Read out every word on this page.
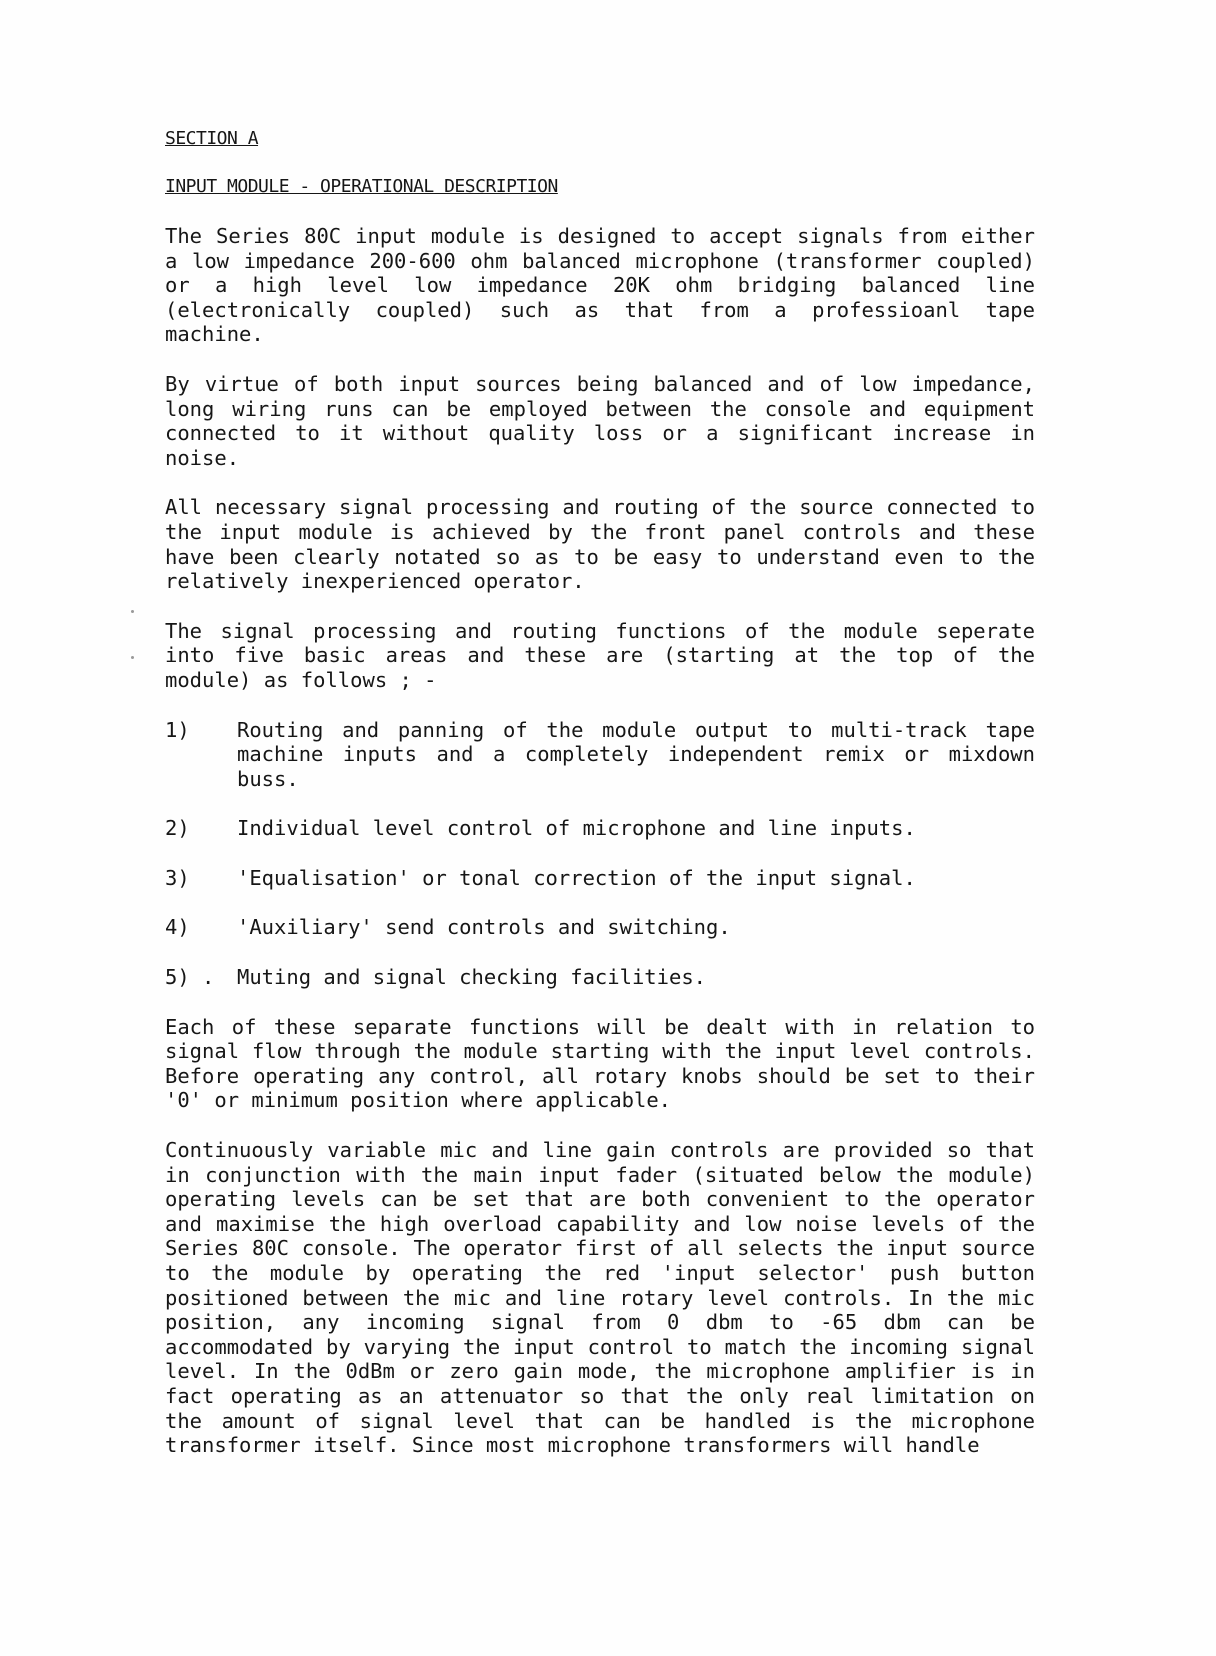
SECTION A
INPUT MODULE - OPERATIONAL DESCRIPTION

The Series 80C input module is designed to accept signals from either a low impedance 200-600 ohm balanced microphone (transformer coupled) or a high level low impedance 20K ohm bridging balanced line (electronically coupled) such as that from a professioanl tape machine.

By virtue of both input sources being balanced and of low impedance, long wiring runs can be employed between the console and equipment connected to it without quality loss or a significant increase in noise.

All necessary signal processing and routing of the source connected to the input module is achieved by the front panel controls and these have been clearly notated so as to be easy to understand even to the relatively inexperienced operator.

The signal processing and routing functions of the module seperate into five basic areas and these are (starting at the top of the module) as follows ; -

1)	Routing and panning of the module output to multi-track tape machine inputs and a completely independent remix or mixdown buss.
2)	Individual level control of microphone and line inputs.
3)	'Equalisation' or tonal correction of the input signal.
4)	'Auxiliary' send controls and switching.
5) .	Muting and signal checking facilities.

Each of these separate functions will be dealt with in relation to signal flow through the module starting with the input level controls. Before operating any control, all rotary knobs should be set to their '0' or minimum position where applicable.

Continuously variable mic and line gain controls are provided so that in conjunction with the main input fader (situated below the module) operating levels can be set that are both convenient to the operator and maximise the high overload capability and low noise levels of the Series 80C console. The operator first of all selects the input source to the module by operating the red 'input selector' push button positioned between the mic and line rotary level controls. In the mic position, any incoming signal from 0 dbm to -65 dbm can be accommodated by varying the input control to match the incoming signal level. In the 0dBm or zero gain mode, the microphone amplifier is in fact operating as an attenuator so that the only real limitation on the amount of signal level that can be handled is the microphone transformer itself. Since most microphone transformers will handle
